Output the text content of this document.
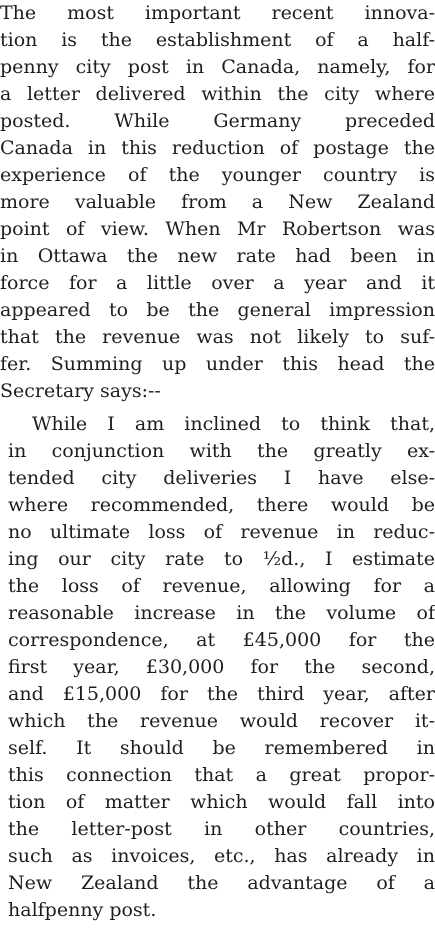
The most important recent innova-
tion is the establishment of a half-
penny city post in Canada, namely, for
a letter delivered within the city where
posted. While Germany preceded
Canada in this reduction of postage the
experience of the younger country is
more valuable from a New Zealand
point of view. When Mr Robertson was
in Ottawa the new rate had been in
force for a little over a year and it
appeared to be the general impression
that the revenue was not likely to suf-
fer. Summing up under this head the
Secretary says:--
While I am inclined to think that,
in conjunction with the greatly ex-
tended city deliveries I have else-
where recommended, there would be
no ultimate loss of revenue in reduc-
ing our city rate to ½d., I estimate
the loss of revenue, allowing for a
reasonable increase in the volume of
correspondence, at £45,000 for the
first year, £30,000 for the second,
and £15,000 for the third year, after
which the revenue would recover it-
self. It should be remembered in
this connection that a great propor-
tion of matter which would fall into
the letter-post in other countries,
such as invoices, etc., has already in
New Zealand the advantage of a
halfpenny post.
